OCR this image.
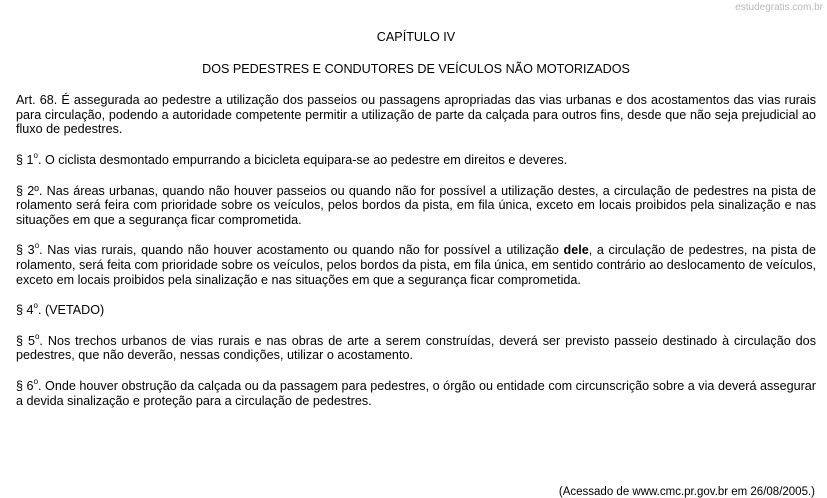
estudegratis.com.br

CAPÍTULO IV

DOS PEDESTRES E CONDUTORES DE VEÍCULOS NÃO MOTORIZADOS

Art. 68. É assegurada ao pedestre a utilização dos passeios ou passagens apropriadas das vias urbanas e dos acostamentos das vias rurais para circulação, podendo a autoridade competente permitir a utilização de parte da calçada para outros fins, desde que não seja prejudicial ao fluxo de pedestres.

§ 1$^o$. O ciclista desmontado empurrando a bicicleta equipara-se ao pedestre em direitos e deveres.

§ 2º. Nas áreas urbanas, quando não houver passeios ou quando não for possível a utilização destes, a circulação de pedestres na pista de rolamento será feira com prioridade sobre os veículos, pelos bordos da pista, em fila única, exceto em locais proibidos pela sinalização e nas situações em que a segurança ficar comprometida.

§ 3$^o$. Nas vias rurais, quando não houver acostamento ou quando não for possível a utilização dele, a circulação de pedestres, na pista de rolamento, será feita com prioridade sobre os veículos, pelos bordos da pista, em fila única, em sentido contrário ao deslocamento de veículos, exceto em locais proibidos pela sinalização e nas situações em que a segurança ficar comprometida.

§ 4$^o$. (VETADO)

§ 5$^o$. Nos trechos urbanos de vias rurais e nas obras de arte a serem construídas, deverá ser previsto passeio destinado à circulação dos pedestres, que não deverão, nessas condições, utilizar o acostamento.

§ 6$^o$. Onde houver obstrução da calçada ou da passagem para pedestres, o órgão ou entidade com circunscrição sobre a via deverá assegurar a devida sinalização e proteção para a circulação de pedestres.

(Acessado de www.cmc.pr.gov.br em 26/08/2005.)
